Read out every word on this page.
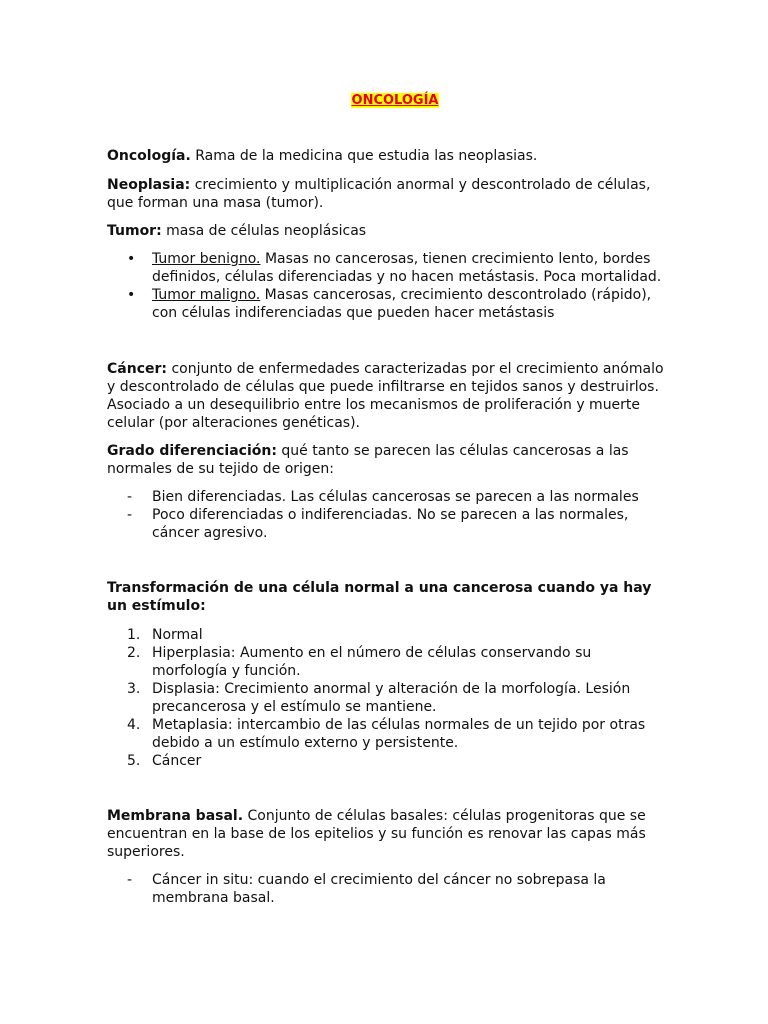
ONCOLOGÍA

Oncología. Rama de la medicina que estudia las neoplasias.

Neoplasia: crecimiento y multiplicación anormal y descontrolado de células, que forman una masa (tumor).

Tumor: masa de células neoplásicas

• Tumor benigno. Masas no cancerosas, tienen crecimiento lento, bordes definidos, células diferenciadas y no hacen metástasis. Poca mortalidad.
• Tumor maligno. Masas cancerosas, crecimiento descontrolado (rápido), con células indiferenciadas que pueden hacer metástasis

Cáncer: conjunto de enfermedades caracterizadas por el crecimiento anómalo y descontrolado de células que puede infiltrarse en tejidos sanos y destruirlos. Asociado a un desequilibrio entre los mecanismos de proliferación y muerte celular (por alteraciones genéticas).

Grado diferenciación: qué tanto se parecen las células cancerosas a las normales de su tejido de origen:

-	Bien diferenciadas. Las células cancerosas se parecen a las normales
-	Poco diferenciadas o indiferenciadas. No se parecen a las normales, cáncer agresivo.

Transformación de una célula normal a una cancerosa cuando ya hay un estímulo:

1. Normal
2. Hiperplasia: Aumento en el número de células conservando su morfología y función.
3. Displasia: Crecimiento anormal y alteración de la morfología. Lesión precancerosa y el estímulo se mantiene.
4. Metaplasia: intercambio de las células normales de un tejido por otras debido a un estímulo externo y persistente.
5. Cáncer

Membrana basal. Conjunto de células basales: células progenitoras que se encuentran en la base de los epitelios y su función es renovar las capas más superiores.

-	Cáncer in situ: cuando el crecimiento del cáncer no sobrepasa la membrana basal.
